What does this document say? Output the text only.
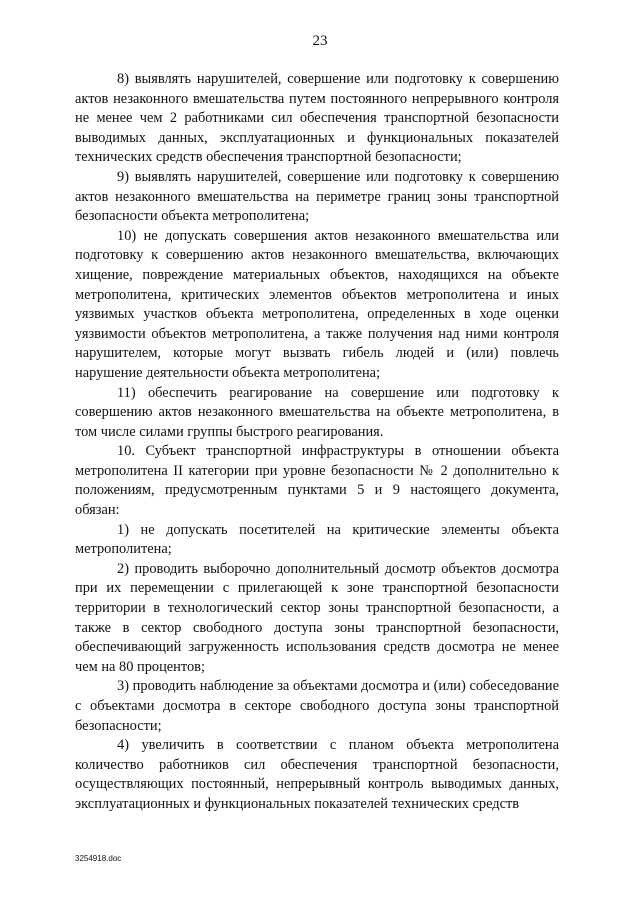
23

8) выявлять нарушителей, совершение или подготовку к совершению актов незаконного вмешательства путем постоянного непрерывного контроля не менее чем 2 работниками сил обеспечения транспортной безопасности выводимых данных, эксплуатационных и функциональных показателей технических средств обеспечения транспортной безопасности;

9) выявлять нарушителей, совершение или подготовку к совершению актов незаконного вмешательства на периметре границ зоны транспортной безопасности объекта метрополитена;

10) не допускать совершения актов незаконного вмешательства или подготовку к совершению актов незаконного вмешательства, включающих хищение, повреждение материальных объектов, находящихся на объекте метрополитена, критических элементов объектов метрополитена и иных уязвимых участков объекта метрополитена, определенных в ходе оценки уязвимости объектов метрополитена, а также получения над ними контроля нарушителем, которые могут вызвать гибель людей и (или) повлечь нарушение деятельности объекта метрополитена;

11) обеспечить реагирование на совершение или подготовку к совершению актов незаконного вмешательства на объекте метрополитена, в том числе силами группы быстрого реагирования.

10. Субъект транспортной инфраструктуры в отношении объекта метрополитена II категории при уровне безопасности № 2 дополнительно к положениям, предусмотренным пунктами 5 и 9 настоящего документа, обязан:

1) не допускать посетителей на критические элементы объекта метрополитена;

2) проводить выборочно дополнительный досмотр объектов досмотра при их перемещении с прилегающей к зоне транспортной безопасности территории в технологический сектор зоны транспортной безопасности, а также в сектор свободного доступа зоны транспортной безопасности, обеспечивающий загруженность использования средств досмотра не менее чем на 80 процентов;

3) проводить наблюдение за объектами досмотра и (или) собеседование с объектами досмотра в секторе свободного доступа зоны транспортной безопасности;

4) увеличить в соответствии с планом объекта метрополитена количество работников сил обеспечения транспортной безопасности, осуществляющих постоянный, непрерывный контроль выводимых данных, эксплуатационных и функциональных показателей технических средств

3254918.doc
